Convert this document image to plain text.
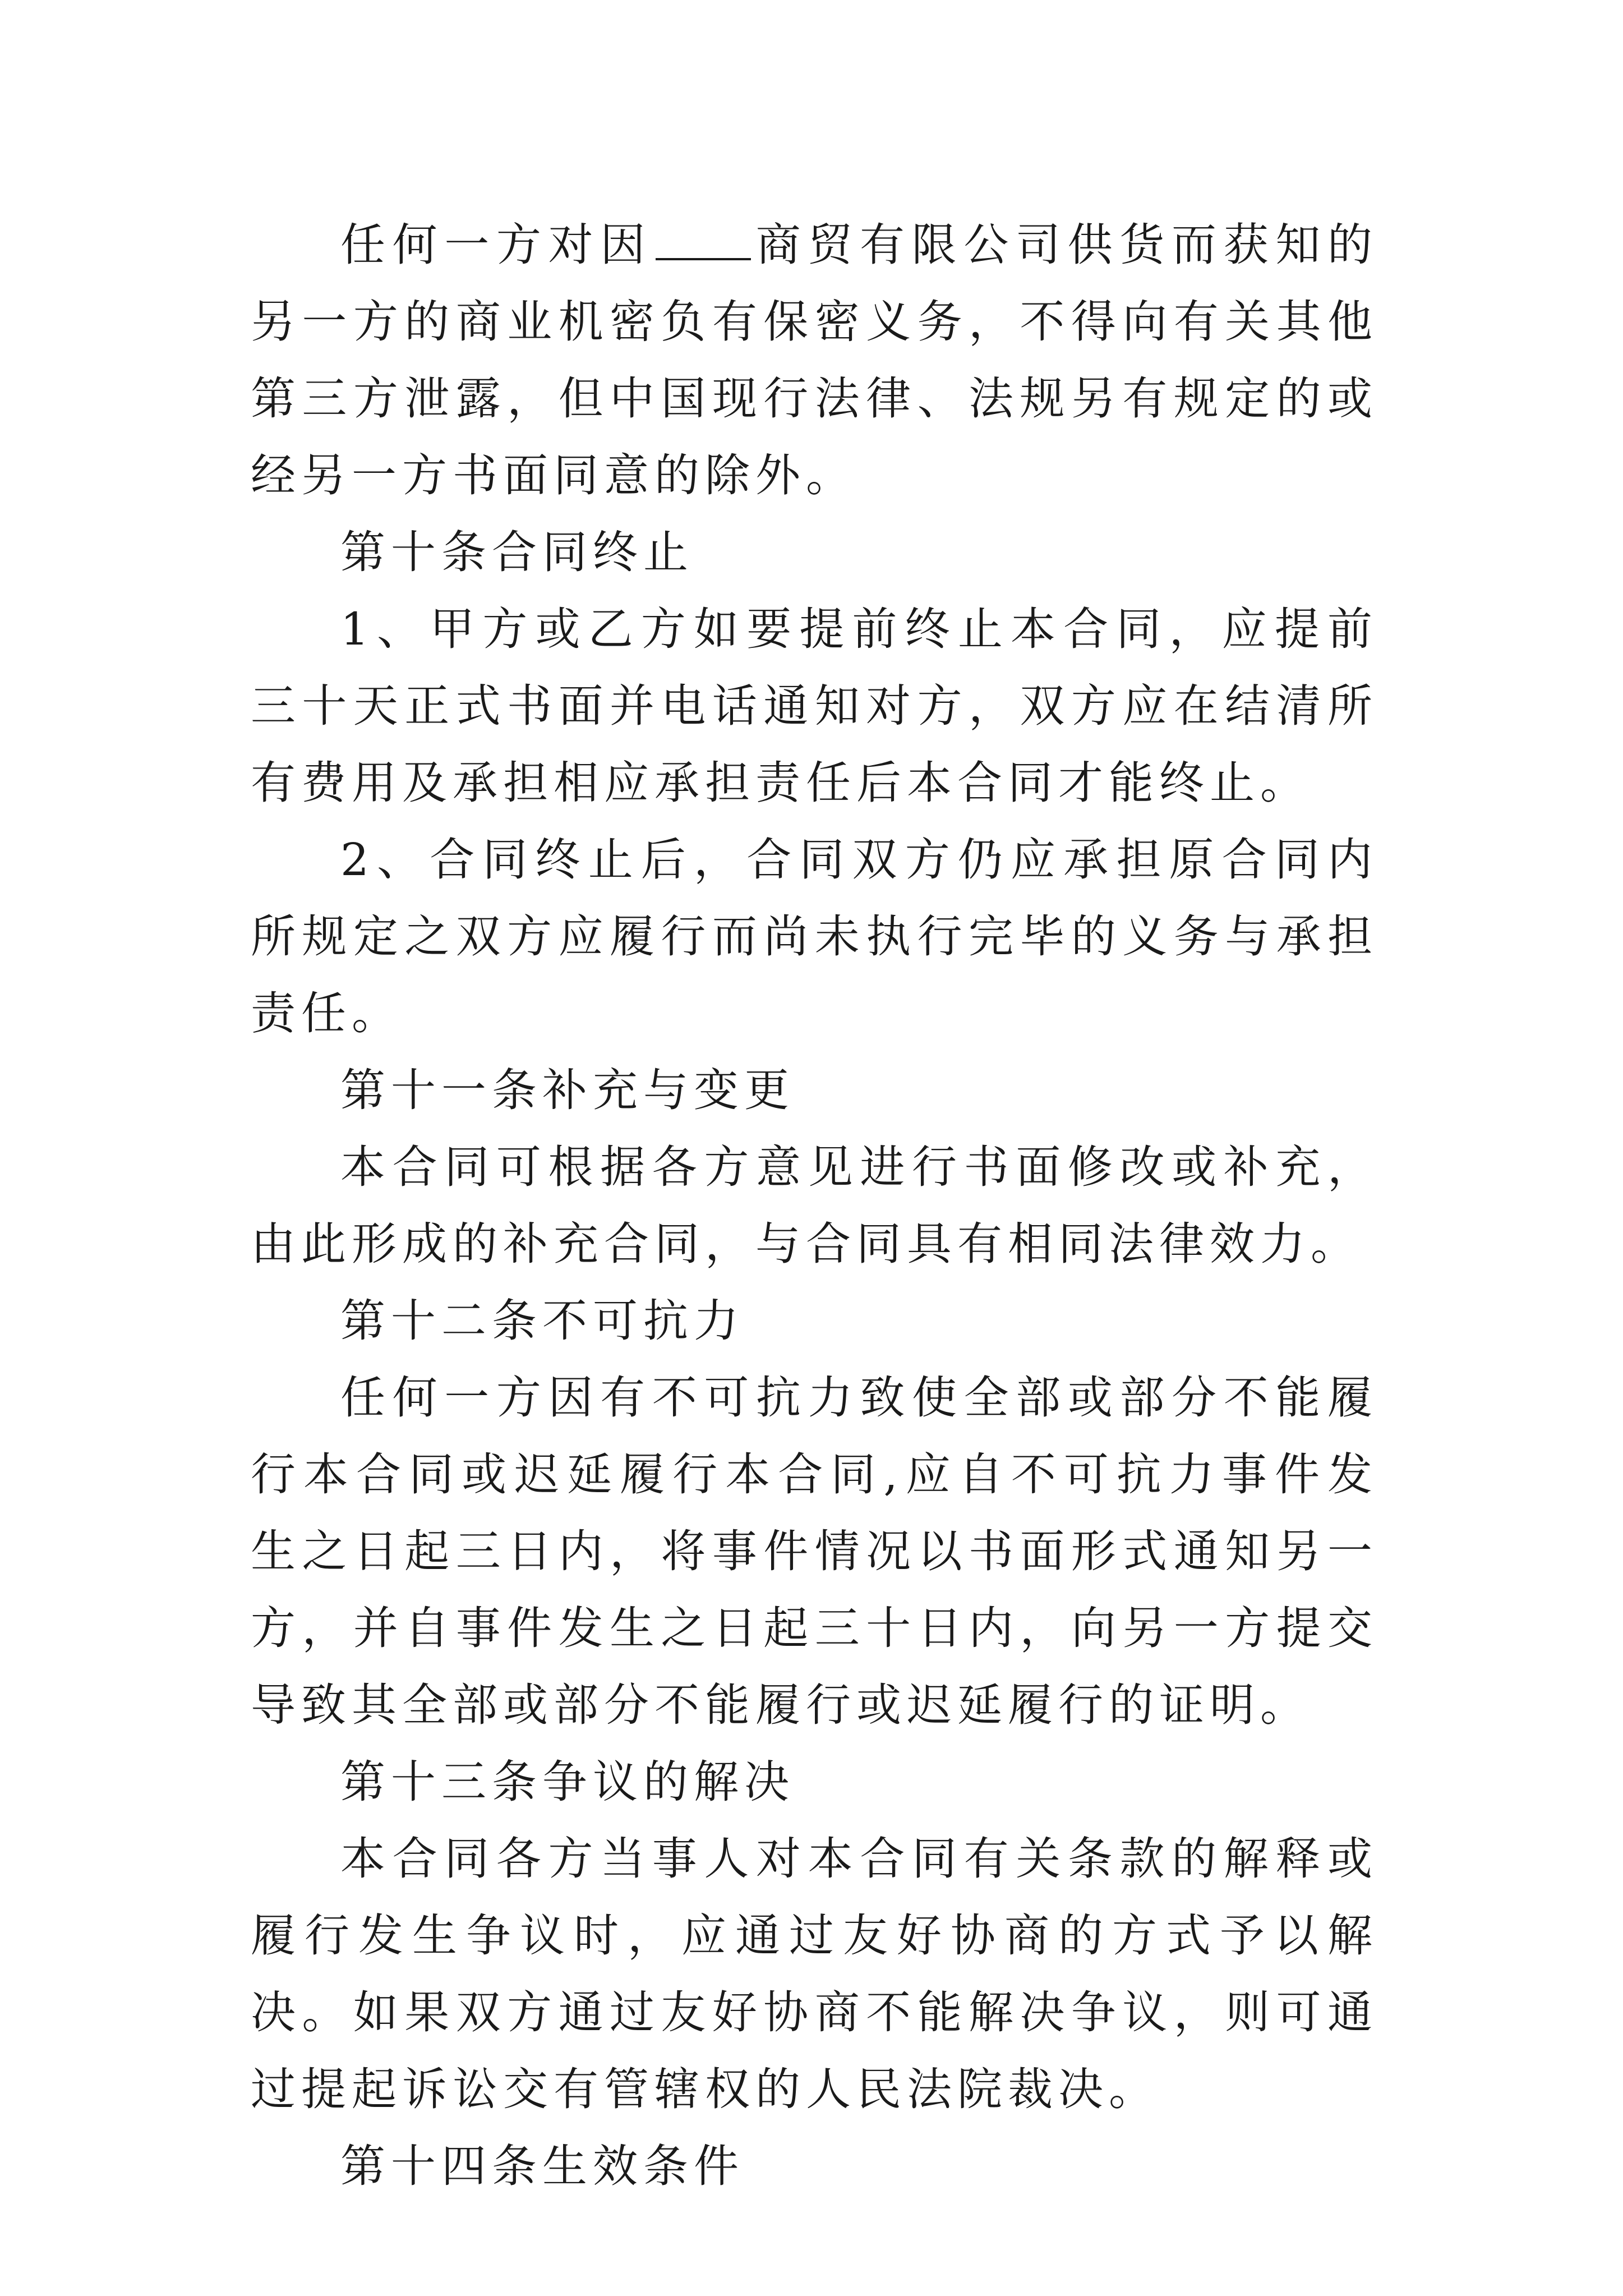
任何一方对因 商贸有限公司供货而获知的另一方的商业机密负有保密义务，不得向有关其他第三方泄露，但中国现行法律、法规另有规定的或经另一方书面同意的除外。

第十条合同终止

1、甲方或乙方如要提前终止本合同，应提前三十天正式书面并电话通知对方，双方应在结清所有费用及承担相应承担责任后本合同才能终止。

2、合同终止后，合同双方仍应承担原合同内所规定之双方应履行而尚未执行完毕的义务与承担责任。

第十一条补充与变更

本合同可根据各方意见进行书面修改或补充，由此形成的补充合同，与合同具有相同法律效力。

第十二条不可抗力

任何一方因有不可抗力致使全部或部分不能履行本合同或迟延履行本合同,应自不可抗力事件发生之日起三日内，将事件情况以书面形式通知另一方，并自事件发生之日起三十日内，向另一方提交导致其全部或部分不能履行或迟延履行的证明。

第十三条争议的解决

本合同各方当事人对本合同有关条款的解释或履行发生争议时，应通过友好协商的方式予以解决。如果双方通过友好协商不能解决争议，则可通过提起诉讼交有管辖权的人民法院裁决。

第十四条生效条件
